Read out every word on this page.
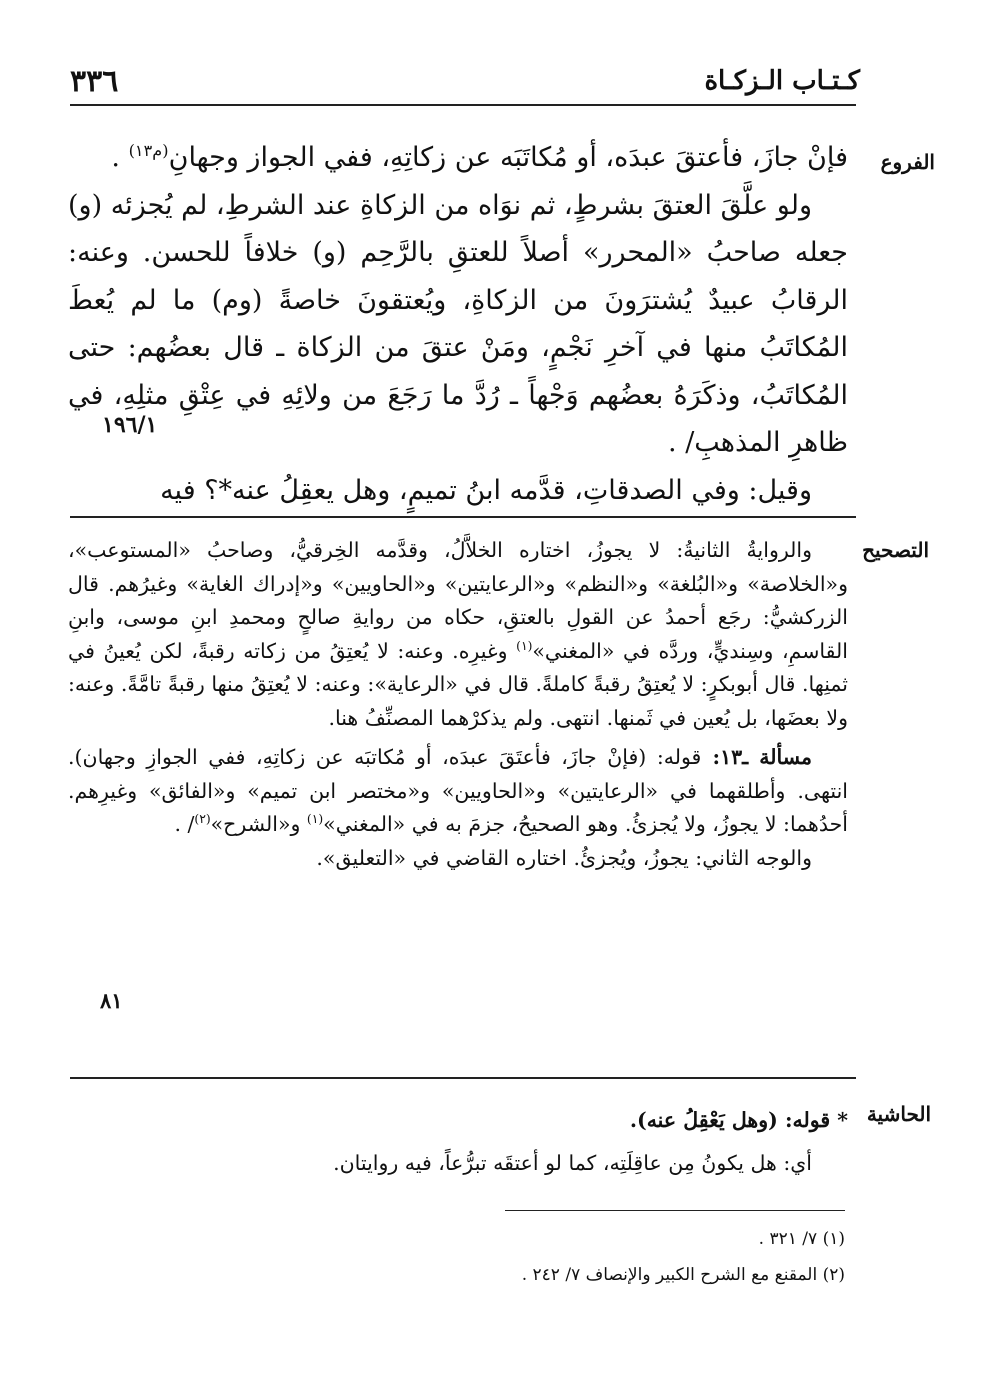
كـتـاب الـزكـاة
٣٣٦
الفروع
١٩٦/١

فإنْ جازَ، فأعتقَ عبدَه، أو مُكاتَبَه عن زكاتِهِ، ففي الجواز وجهانِ$^{(م١٣)}$ .

ولو علَّقَ العتقَ بشرطٍ، ثم نوَاه من الزكاةِ عند الشرطِ، لم يُجزئه (و) جعله صاحبُ «المحرر» أصلاً للعتقِ بالرَّحِم (و) خلافاً للحسن. وعنه: الرقابُ عبيدٌ يُشترَونَ من الزكاةِ، ويُعتقونَ خاصةً (وم) ما لم يُعطَ المُكاتَبُ منها في آخرِ نَجْمٍ، ومَنْ عتقَ من الزكاة ـ قال بعضُهم: حتى المُكاتَبُ، وذكَرَهُ بعضُهم وَجْهاً ـ رُدَّ ما رَجَعَ من ولائِهِ في عِتْقِ مثلِهِ، في ظاهرِ المذهبِ/ .

وقيل: وفي الصدقاتِ، قدَّمه ابنُ تميمٍ، وهل يعقِلُ عنه*؟ فيه

التصحيح
٨١

والروايةُ الثانيةُ: لا يجوزُ، اختاره الخلاَّلُ، وقدَّمه الخِرقيُّ، وصاحبُ «المستوعب»، و«الخلاصة» و«البُلغة» و«النظم» و«الرعايتين» و«الحاويين» و«إدراك الغاية» وغيرُهم. قال الزركشيُّ: رجَع أحمدُ عن القولِ بالعتقِ، حكاه من روايةِ صالحٍ ومحمدِ ابنِ موسى، وابنِ القاسمِ، وسِنديٍّ، وردَّه في «المغني»$^{(١)}$ وغيرِه. وعنه: لا يُعتِقُ من زكاته رقبةً، لكن يُعينُ في ثمنِها. قال أبوبكرٍ: لا يُعتِقُ رقبةً كاملةً. قال في «الرعاية»: وعنه: لا يُعتِقُ منها رقبةً تامَّةً. وعنه: ولا بعضَها، بل يُعين في ثَمنها. انتهى. ولم يذكرْهما المصنِّفُ هنا.

مسألة ـ١٣: قوله: (فإنْ جازَ، فأعتَقَ عبدَه، أو مُكاتبَه عن زكاتِهِ، ففي الجوازِ وجهان). انتهى. وأطلقهما في «الرعايتين» و«الحاويين» و«مختصر ابن تميم» و«الفائق» وغيرِهم. أحدُهما: لا يجوزُ، ولا يُجزئُ. وهو الصحيحُ، جزمَ به في «المغني»$^{(١)}$ و«الشرح»$^{(٢)}$/ .

والوجه الثاني: يجوزُ، ويُجزئُ. اختاره القاضي في «التعليق».

الحاشية

* قوله: (وهل يَعْقِلُ عنه).

أي: هل يكونُ مِن عاقِلَتِه، كما لو أعتقَه تبرُّعاً، فيه روايتان.

(١) ٧/ ٣٢١ .
(٢) المقنع مع الشرح الكبير والإنصاف ٧/ ٢٤٢ .
